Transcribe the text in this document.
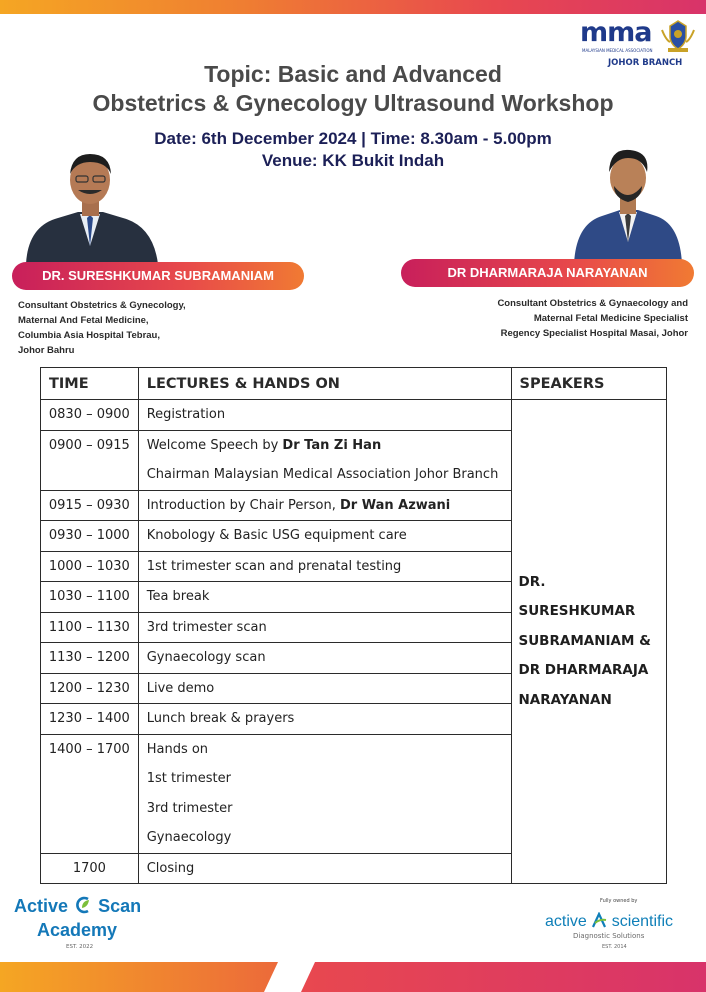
mma
MALAYSIAN MEDICAL ASSOCIATION
JOHOR BRANCH
Topic: Basic and Advanced
Obstetrics & Gynecology Ultrasound Workshop
Date: 6th December 2024 | Time: 8.30am - 5.00pm
Venue: KK Bukit Indah
DR. SURESHKUMAR SUBRAMANIAM	DR DHARMARAJA NARAYANAN
Consultant Obstetrics & Gynecology,
Maternal And Fetal Medicine,
Columbia Asia Hospital Tebrau,
Johor Bahru
Consultant Obstetrics & Gynaecology and
Maternal Fetal Medicine Specialist
Regency Specialist Hospital Masai, Johor
TIME	LECTURES & HANDS ON	SPEAKERS
0830 – 0900	Registration	DR. SURESHKUMAR
SUBRAMANIAM &
DR DHARMARAJA
NARAYANAN

0900 – 0915	Welcome Speech by Dr Tan Zi Han
Chairman Malaysian Medical Association Johor Branch	

0915 – 0930	Introduction by Chair Person, Dr Wan Azwani	

0930 – 1000	Knobology & Basic USG equipment care	

1000 – 1030	1st trimester scan and prenatal testing	

1030 – 1100	Tea break	

1100 – 1130	3rd trimester scan	

1130 – 1200	Gynaecology scan	

1200 – 1230	Live demo	

1230 – 1400	Lunch break & prayers	

1400 – 1700	Hands on
1st trimester
3rd trimester
Gynaecology	

1700	Closing	
Active Scan
Academy
EST. 2022
Fully owned by
active scientific
Diagnostic Solutions
EST. 2014
